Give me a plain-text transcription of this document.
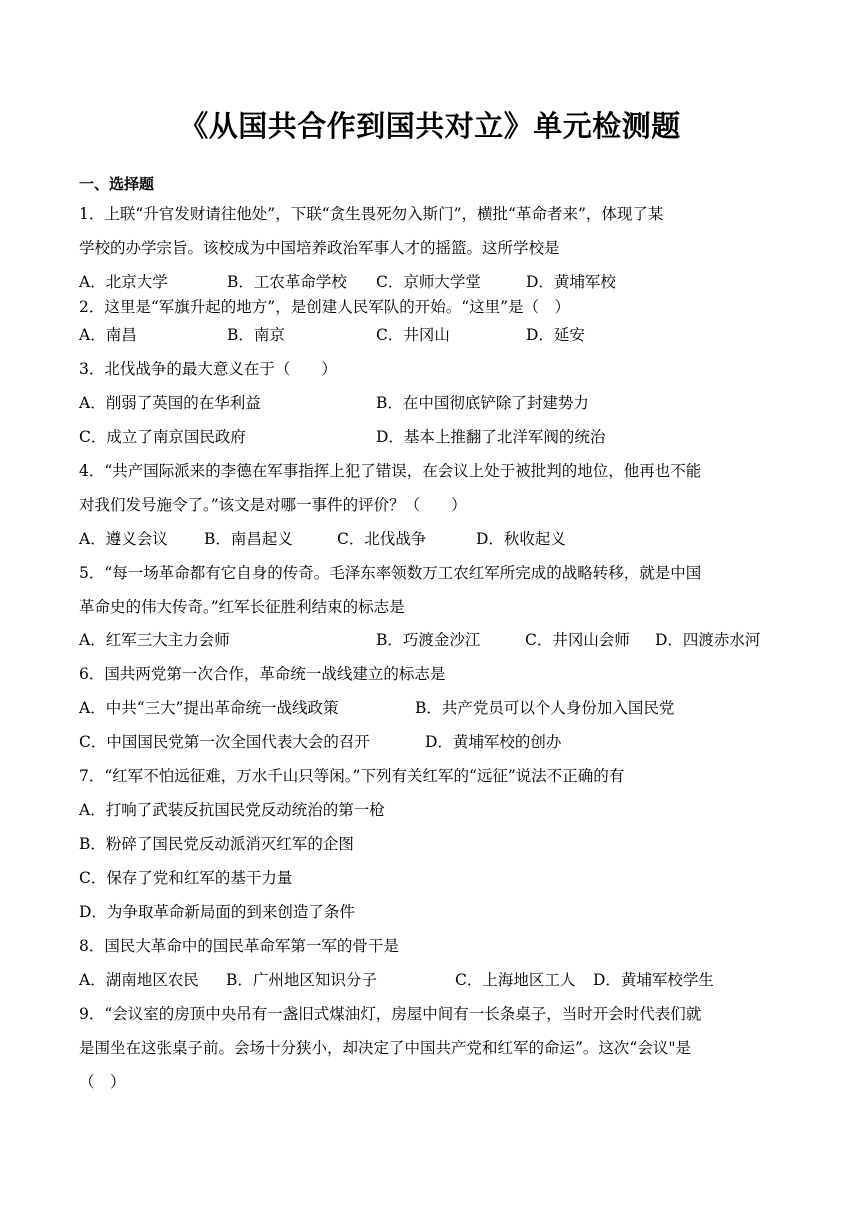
《从国共合作到国共对立》单元检测题
一、选择题
1．上联“升官发财请往他处”，下联“贪生畏死勿入斯门”，横批“革命者来”，体现了某
学校的办学宗旨。该校成为中国培养政治军事人才的摇篮。这所学校是
A．北京大学	B．工农革命学校 C．京师大学堂	D．黄埔军校
2．这里是“军旗升起的地方”，是创建人民军队的开始。“这里”是（　）
A．南昌	B．南京	C．井冈山	D．延安
3．北伐战争的最大意义在于（　　）
A．削弱了英国的在华利益	B．在中国彻底铲除了封建势力
C．成立了南京国民政府	D．基本上推翻了北洋军阀的统治
4．“共产国际派来的李德在军事指挥上犯了错误，在会议上处于被批判的地位，他再也不能
对我们发号施令了。”该文是对哪一事件的评价？（　　）
A．遵义会议 B．南昌起义	C．北伐战争	D．秋收起义
5．“每一场革命都有它自身的传奇。毛泽东率领数万工农红军所完成的战略转移，就是中国
革命史的伟大传奇。”红军长征胜利结束的标志是
A．红军三大主力会师	B．巧渡金沙江	C．井冈山会师 D．四渡赤水河
6．国共两党第一次合作，革命统一战线建立的标志是
A．中共“三大”提出革命统一战线政策	B．共产党员可以个人身份加入国民党
C．中国国民党第一次全国代表大会的召开	D．黄埔军校的创办
7．“红军不怕远征难，万水千山只等闲。”下列有关红军的“远征”说法不正确的有
A．打响了武装反抗国民党反动统治的第一枪
B．粉碎了国民党反动派消灭红军的企图
C．保存了党和红军的基干力量
D．为争取革命新局面的到来创造了条件
8．国民大革命中的国民革命军第一军的骨干是
A．湖南地区农民 B．广州地区知识分子	C．上海地区工人 D．黄埔军校学生
9．“会议室的房顶中央吊有一盏旧式煤油灯，房屋中间有一长条桌子，当时开会时代表们就
是围坐在这张桌子前。会场十分狭小，却决定了中国共产党和红军的命运”。这次“会议"是
（　）
